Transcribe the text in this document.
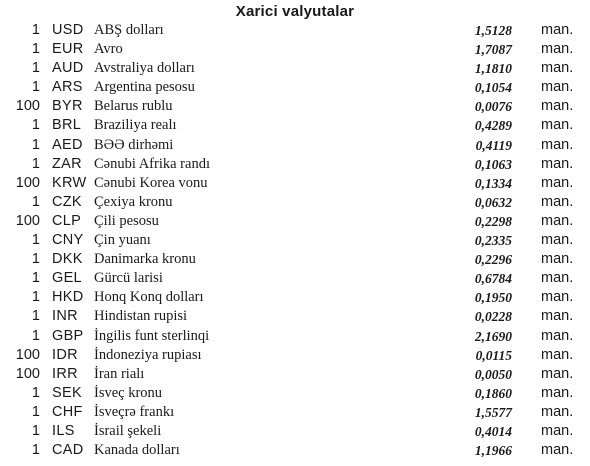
Xarici valyutalar
1 USD ABŞ dolları	1,5128 man.
1 EUR Avro	1,7087 man.
1 AUD Avstraliya dolları	1,1810 man.
1 ARS Argentina pesosu	0,1054 man.
100 BYR Belarus rublu	0,0076 man.
1 BRL Braziliya realı	0,4289 man.
1 AED BƏƏ dirhəmi	0,4119 man.
1 ZAR Cənubi Afrika randı	0,1063 man.
100 KRW Cənubi Korea vonu	0,1334 man.
1 CZK Çexiya kronu	0,0632 man.
100 CLP Çili pesosu	0,2298 man.
1 CNY Çin yuanı	0,2335 man.
1 DKK Danimarka kronu	0,2296 man.
1 GEL Gürcü larisi	0,6784 man.
1 HKD Honq Konq dolları	0,1950 man.
1 INR Hindistan rupisi	0,0228 man.
1 GBP İngilis funt sterlinqi	2,1690 man.
100 IDR İndoneziya rupiası	0,0115 man.
100 IRR İran rialı	0,0050 man.
1 SEK İsveç kronu	0,1860 man.
1 CHF İsveçrə frankı	1,5577 man.
1 ILS İsrail şekeli	0,4014 man.
1 CAD Kanada dolları	1,1966 man.
